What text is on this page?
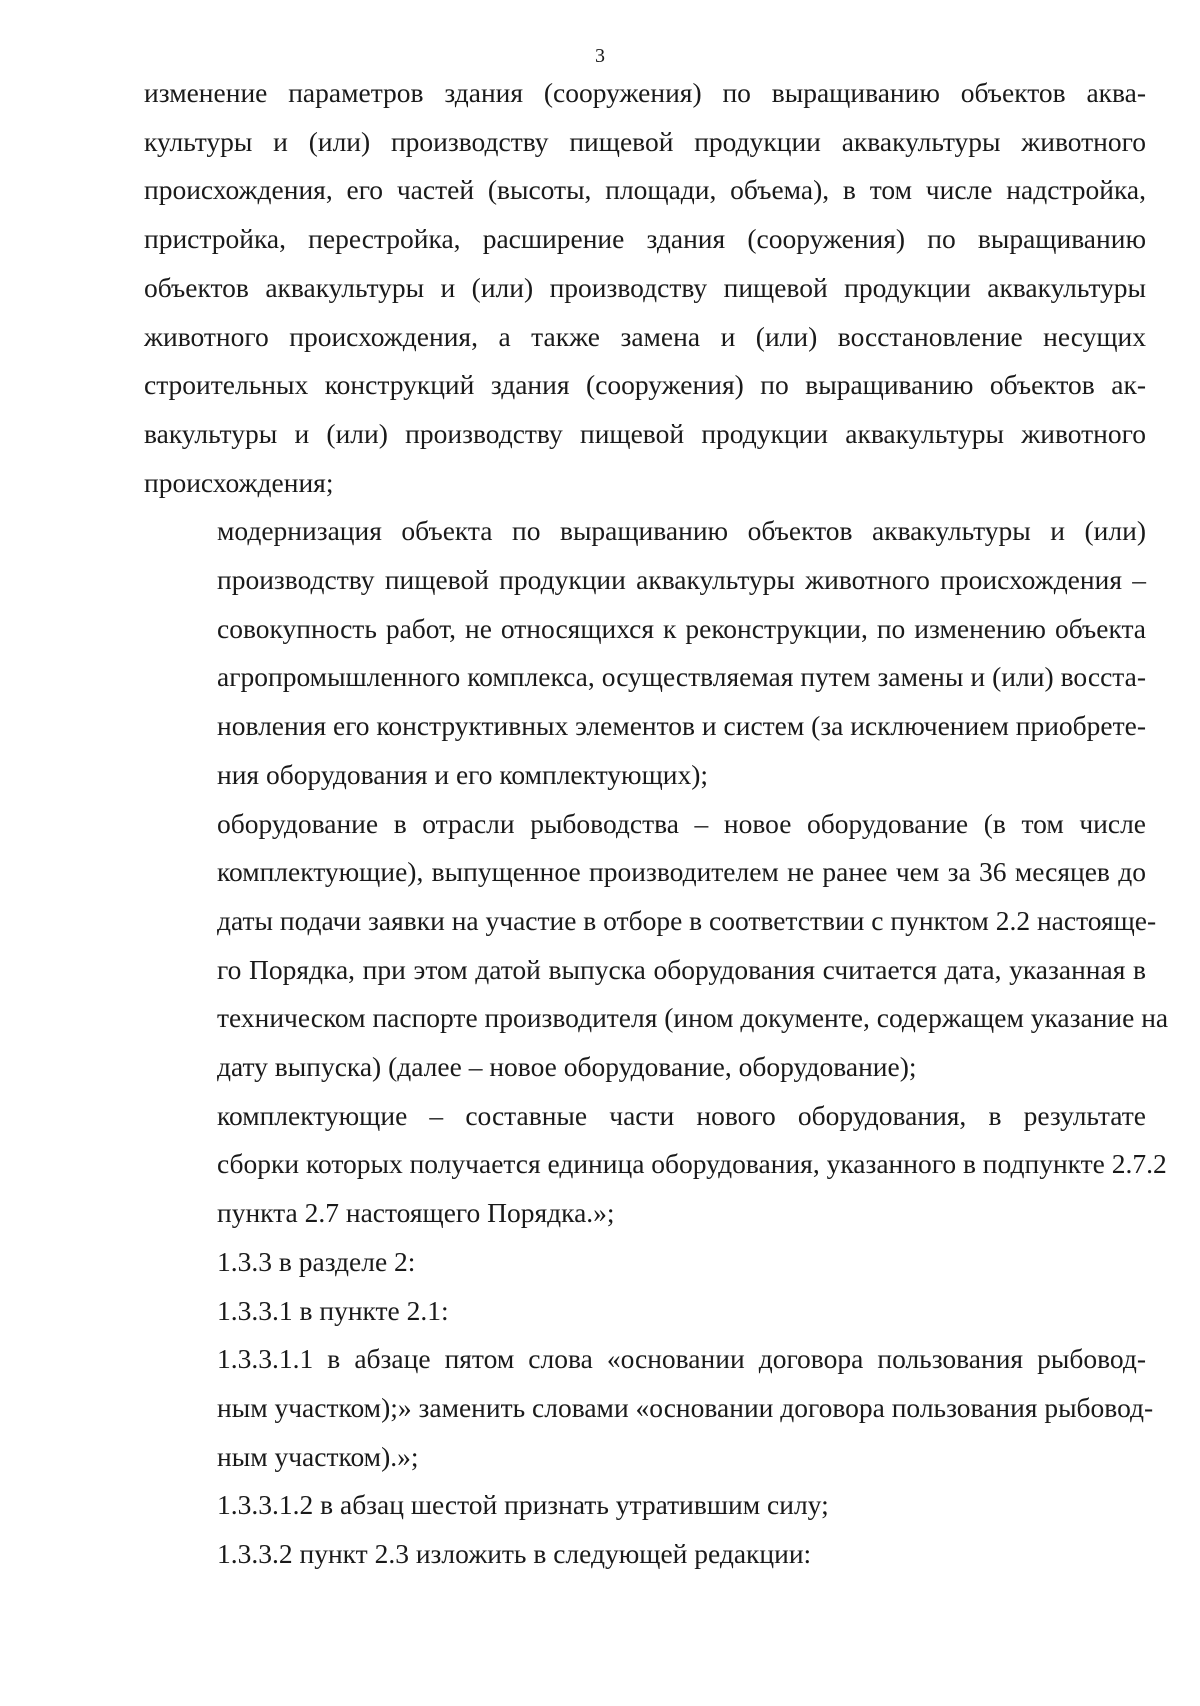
3

изменение параметров здания (сооружения) по выращиванию объектов аква-
культуры и (или) производству пищевой продукции аквакультуры животного
происхождения, его частей (высоты, площади, объема), в том числе надстройка,
пристройка, перестройка, расширение здания (сооружения) по выращиванию
объектов аквакультуры и (или) производству пищевой продукции аквакультуры
животного происхождения, а также замена и (или) восстановление несущих
строительных конструкций здания (сооружения) по выращиванию объектов ак-
вакультуры и (или) производству пищевой продукции аквакультуры животного
происхождения;

модернизация объекта по выращиванию объектов аквакультуры и (или)
производству пищевой продукции аквакультуры животного происхождения –
совокупность работ, не относящихся к реконструкции, по изменению объекта
агропромышленного комплекса, осуществляемая путем замены и (или) восста-
новления его конструктивных элементов и систем (за исключением приобрете-
ния оборудования и его комплектующих);

оборудование в отрасли рыбоводства – новое оборудование (в том числе
комплектующие), выпущенное производителем не ранее чем за 36 месяцев до
даты подачи заявки на участие в отборе в соответствии с пунктом 2.2 настояще-
го Порядка, при этом датой выпуска оборудования считается дата, указанная в
техническом паспорте производителя (ином документе, содержащем указание на
дату выпуска) (далее – новое оборудование, оборудование);

комплектующие – составные части нового оборудования, в результате
сборки которых получается единица оборудования, указанного в подпункте 2.7.2
пункта 2.7 настоящего Порядка.»;

1.3.3 в разделе 2:

1.3.3.1 в пункте 2.1:

1.3.3.1.1 в абзаце пятом слова «основании договора пользования рыбовод-
ным участком);» заменить словами «основании договора пользования рыбовод-
ным участком).»;

1.3.3.1.2 в абзац шестой признать утратившим силу;

1.3.3.2 пункт 2.3 изложить в следующей редакции:
